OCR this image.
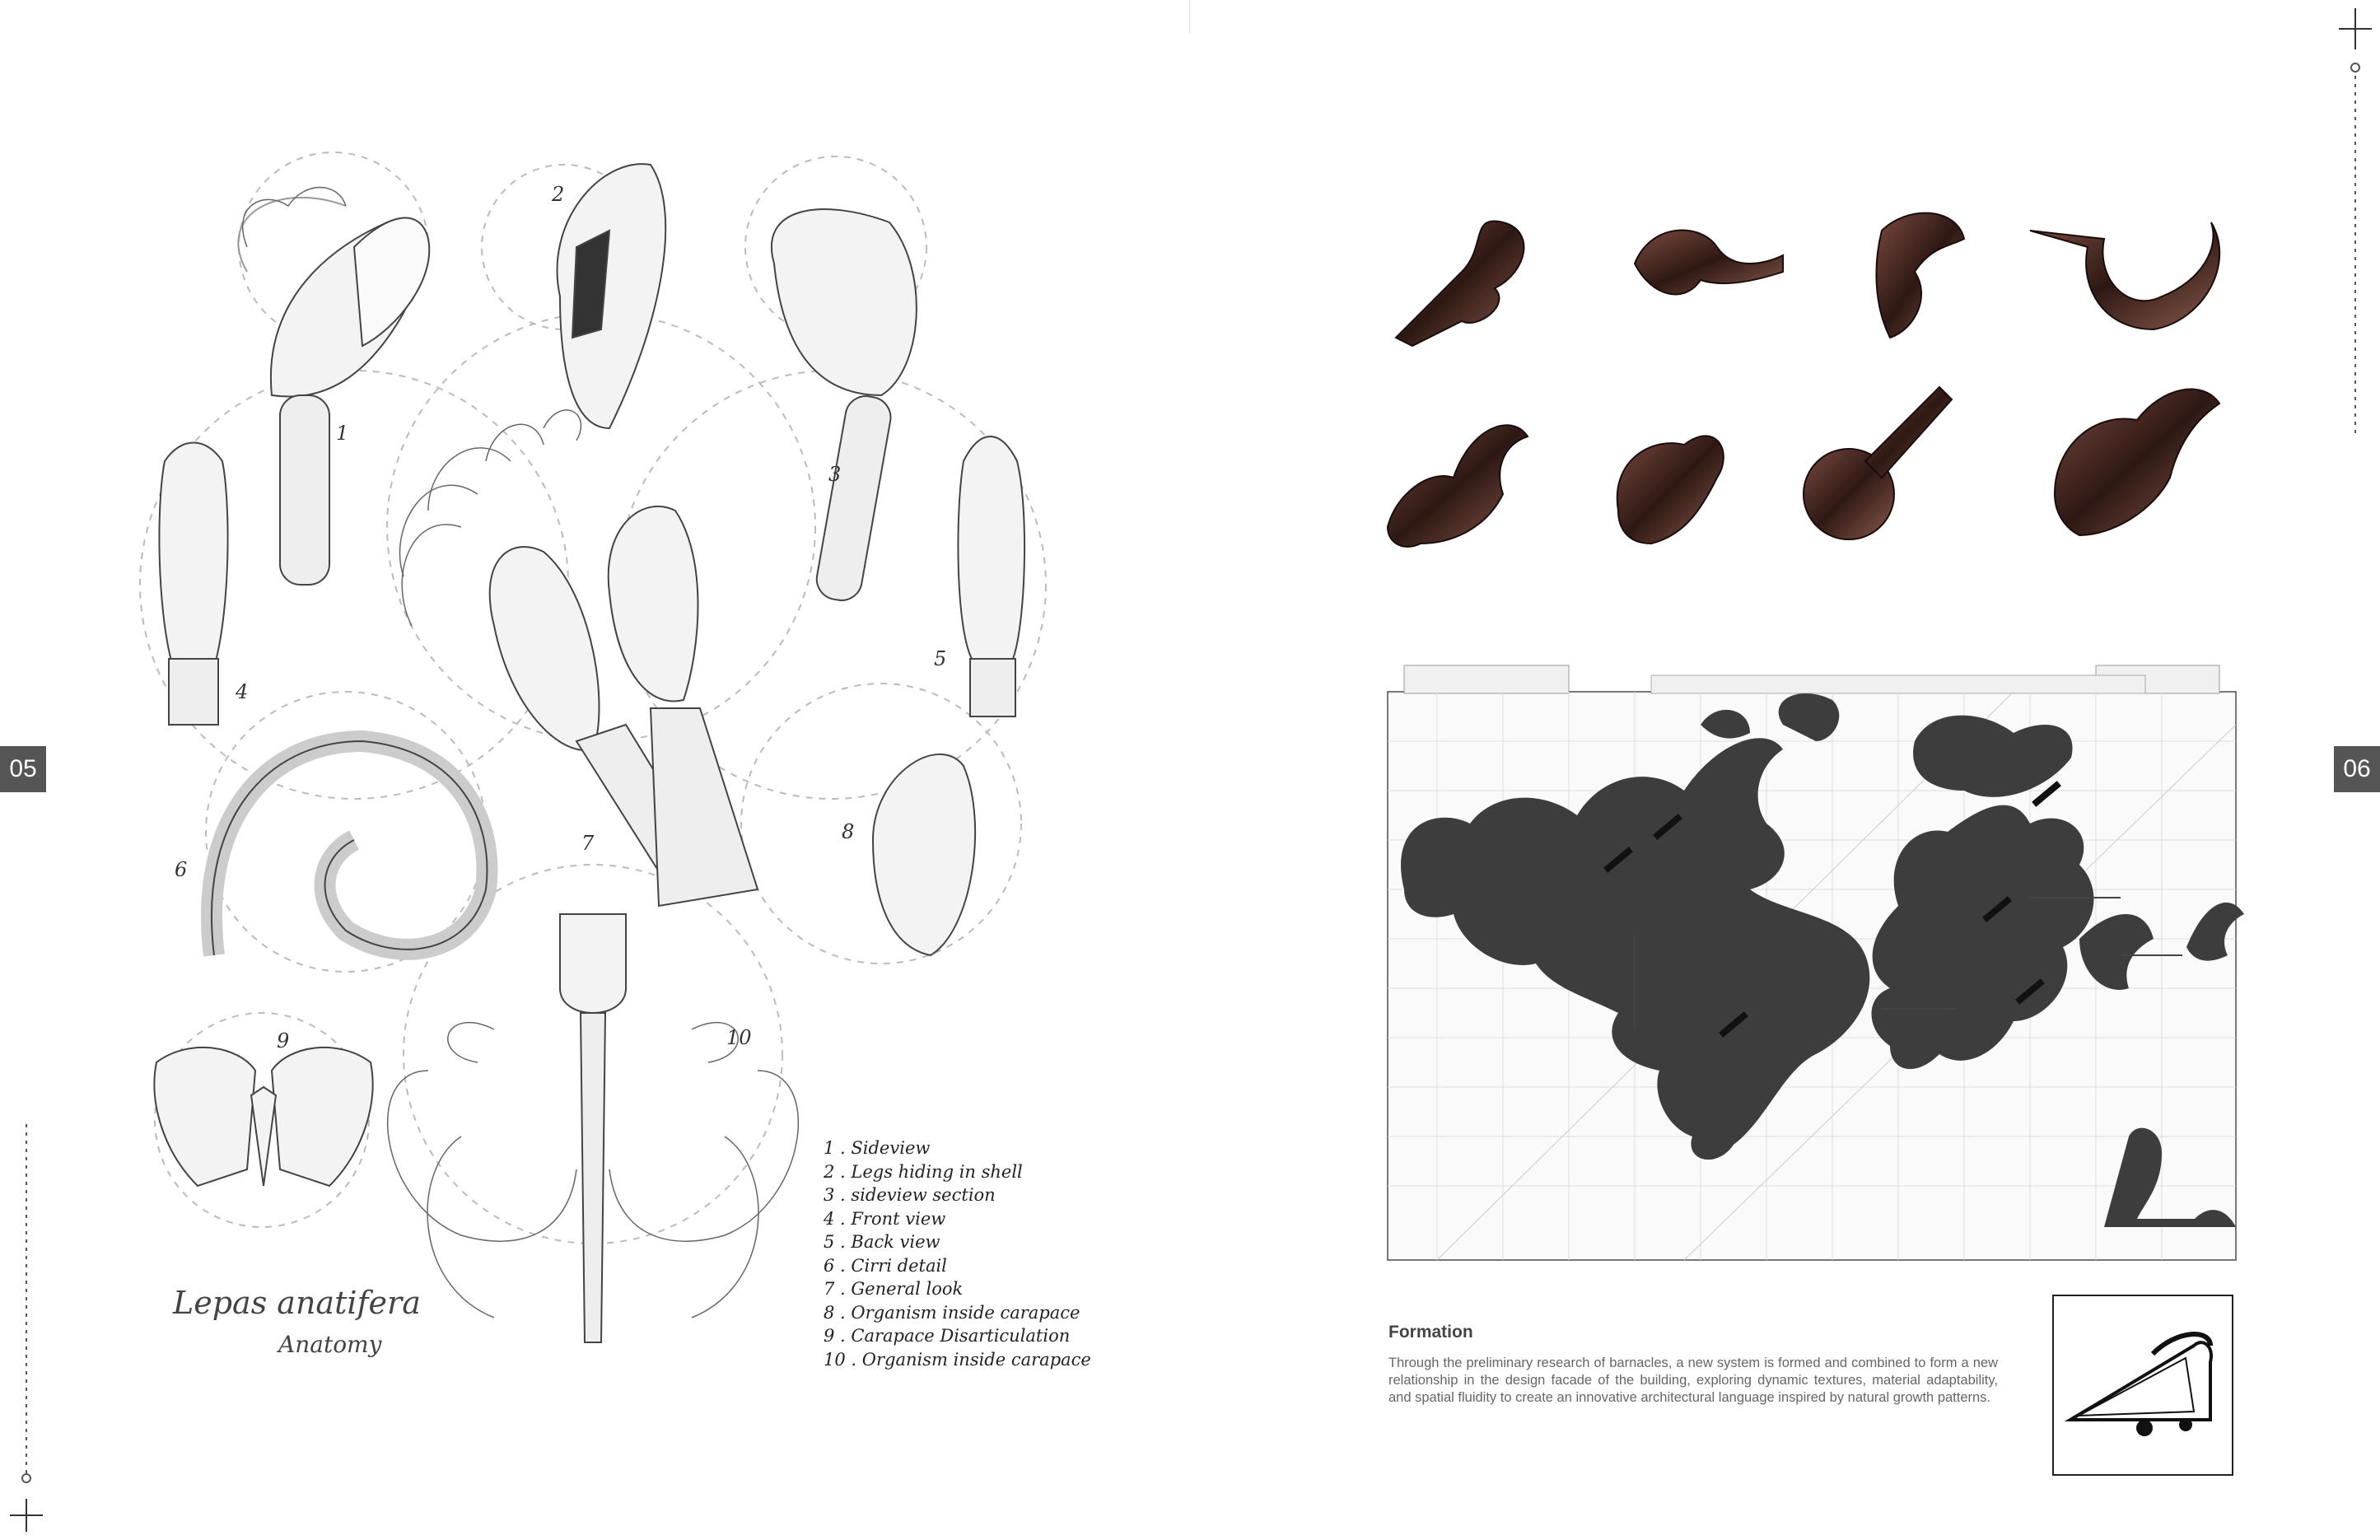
05
2
1
3
4
5
6
7	8
9	10
Lepas anatifera
Anatomy
1 . Sideview
2 . Legs hiding in shell
3 . sideview section
4 . Front view
5 . Back view
6 . Cirri detail
7 . General look
8 . Organism inside carapace
9 . Carapace Disarticulation
10 . Organism inside carapace
06
Formation
Through the preliminary research of barnacles, a new system is formed and combined to form a new relationship in the design facade of the building, exploring dynamic textures, material adaptability, and spatial fluidity to create an innovative architectural language inspired by natural growth patterns.
